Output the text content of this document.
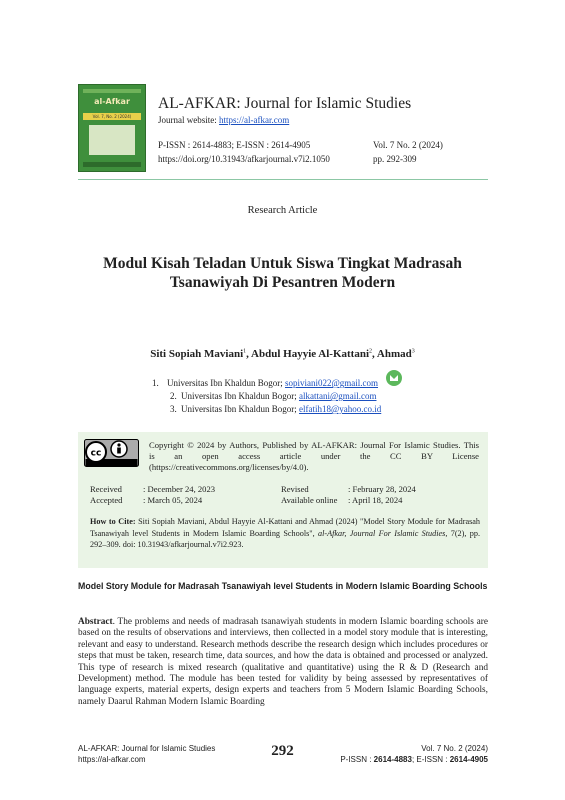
al-Afkar
Vol. 7, No. 2 (2024)
AL-AFKAR: Journal for Islamic Studies
Journal website: https://al-afkar.com
P-ISSN : 2614-4883; E-ISSN : 2614-4905
https://doi.org/10.31943/afkarjournal.v7i2.1050
Vol. 7 No. 2 (2024)
pp. 292-309
Research Article
Modul Kisah Teladan Untuk Siswa Tingkat Madrasah
Tsanawiyah Di Pesantren Modern
Siti Sopiah Maviani$^1$, Abdul Hayyie Al-Kattani$^2$, Ahmad$^3$
1. Universitas Ibn Khaldun Bogor; sopiviani022@gmail.com
2. Universitas Ibn Khaldun Bogor; alkattani@gmail.com
3. Universitas Ibn Khaldun Bogor; elfatih18@yahoo.co.id
cc
Copyright © 2024 by Authors, Published by AL-AFKAR: Journal For Islamic Studies. This
is an open access article under the CC BY License
(https://creativecommons.org/licenses/by/4.0).
Received : December 24, 2023	Revised	: February 28, 2024
Accepted : March 05, 2024	Available online : April 18, 2024
How to Cite: Siti Sopiah Maviani, Abdul Hayyie Al-Kattani and Ahmad (2024) "Model Story Module for Madrasah Tsanawiyah level Students in Modern Islamic Boarding Schools", al-Afkar, Journal For Islamic Studies, 7(2), pp. 292–309. doi: 10.31943/afkarjournal.v7i2.923.
Model Story Module for Madrasah Tsanawiyah level Students in Modern Islamic Boarding Schools
Abstract. The problems and needs of madrasah tsanawiyah students in modern Islamic boarding schools are based on the results of observations and interviews, then collected in a model story module that is interesting, relevant and easy to understand. Research methods describe the research design which includes procedures or steps that must be taken, research time, data sources, and how the data is obtained and processed or analyzed. This type of research is mixed research (qualitative and quantitative) using the R & D (Research and Development) method. The module has been tested for validity by being assessed by representatives of language experts, material experts, design experts and teachers from 5 Modern Islamic Boarding Schools, namely Daarul Rahman Modern Islamic Boarding
AL-AFKAR: Journal for Islamic Studies
https://al-afkar.com
292	Vol. 7 No. 2 (2024)
P-ISSN : 2614-4883; E-ISSN : 2614-4905
